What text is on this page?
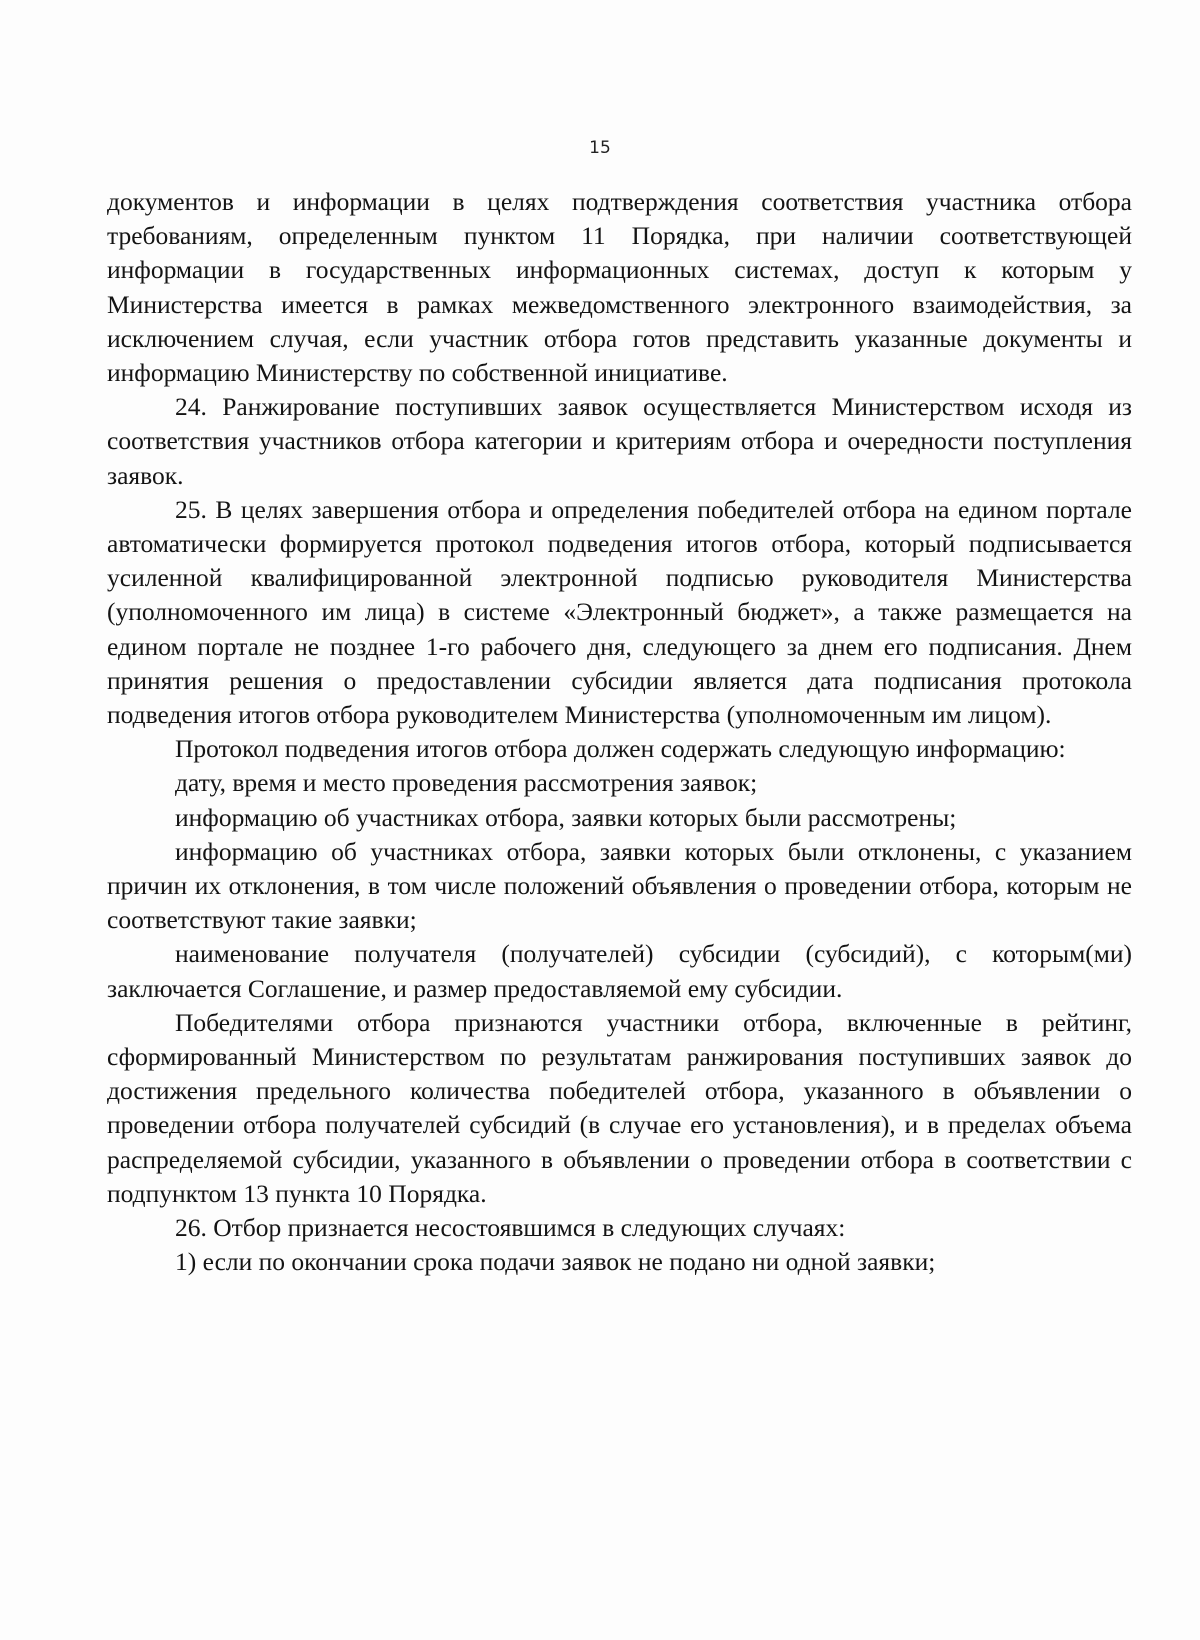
15

документов и информации в целях подтверждения соответствия участника отбора требованиям, определенным пунктом 11 Порядка, при наличии соответствующей информации в государственных информационных системах, доступ к которым у Министерства имеется в рамках межведомственного электронного взаимодействия, за исключением случая, если участник отбора готов представить указанные документы и информацию Министерству по собственной инициативе.

24. Ранжирование поступивших заявок осуществляется Министерством исходя из соответствия участников отбора категории и критериям отбора и очередности поступления заявок.

25. В целях завершения отбора и определения победителей отбора на едином портале автоматически формируется протокол подведения итогов отбора, который подписывается усиленной квалифицированной электронной подписью руководителя Министерства (уполномоченного им лица) в системе «Электронный бюджет», а также размещается на едином портале не позднее 1-го рабочего дня, следующего за днем его подписания. Днем принятия решения о предоставлении субсидии является дата подписания протокола подведения итогов отбора руководителем Министерства (уполномоченным им лицом).

Протокол подведения итогов отбора должен содержать следующую информацию:

дату, время и место проведения рассмотрения заявок;

информацию об участниках отбора, заявки которых были рассмотрены;

информацию об участниках отбора, заявки которых были отклонены, с указанием причин их отклонения, в том числе положений объявления о проведении отбора, которым не соответствуют такие заявки;

наименование получателя (получателей) субсидии (субсидий), с которым(ми) заключается Соглашение, и размер предоставляемой ему субсидии.

Победителями отбора признаются участники отбора, включенные в рейтинг, сформированный Министерством по результатам ранжирования поступивших заявок до достижения предельного количества победителей отбора, указанного в объявлении о проведении отбора получателей субсидий (в случае его установления), и в пределах объема распределяемой субсидии, указанного в объявлении о проведении отбора в соответствии с подпунктом 13 пункта 10 Порядка.

26. Отбор признается несостоявшимся в следующих случаях:

1) если по окончании срока подачи заявок не подано ни одной заявки;
